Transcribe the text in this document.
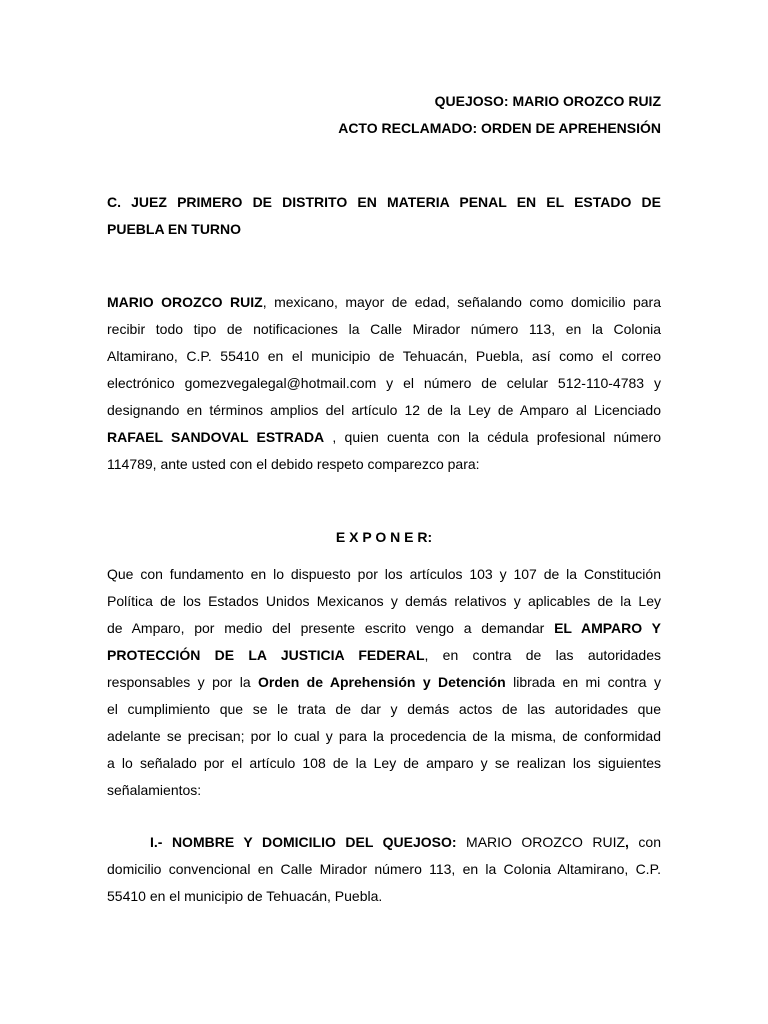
QUEJOSO: MARIO OROZCO RUIZ
ACTO RECLAMADO: ORDEN DE APREHENSIÓN
C. JUEZ PRIMERO DE DISTRITO EN MATERIA PENAL EN EL ESTADO DE
PUEBLA EN TURNO
MARIO OROZCO RUIZ, mexicano, mayor de edad, señalando como domicilio para
recibir todo tipo de notificaciones la Calle Mirador número 113, en la Colonia
Altamirano, C.P. 55410 en el municipio de Tehuacán, Puebla, así como el correo
electrónico gomezvegalegal@hotmail.com y el número de celular 512-110-4783 y
designando en términos amplios del artículo 12 de la Ley de Amparo al Licenciado
RAFAEL SANDOVAL ESTRADA , quien cuenta con la cédula profesional número
114789, ante usted con el debido respeto comparezco para:
E X P O N E R:
Que con fundamento en lo dispuesto por los artículos 103 y 107 de la Constitución
Política de los Estados Unidos Mexicanos y demás relativos y aplicables de la Ley
de Amparo, por medio del presente escrito vengo a demandar EL AMPARO Y
PROTECCIÓN DE LA JUSTICIA FEDERAL, en contra de las autoridades
responsables y por la Orden de Aprehensión y Detención librada en mi contra y
el cumplimiento que se le trata de dar y demás actos de las autoridades que
adelante se precisan; por lo cual y para la procedencia de la misma, de conformidad
a lo señalado por el artículo 108 de la Ley de amparo y se realizan los siguientes
señalamientos:
I.- NOMBRE Y DOMICILIO DEL QUEJOSO: MARIO OROZCO RUIZ, con
domicilio convencional en Calle Mirador número 113, en la Colonia Altamirano, C.P.
55410 en el municipio de Tehuacán, Puebla.
